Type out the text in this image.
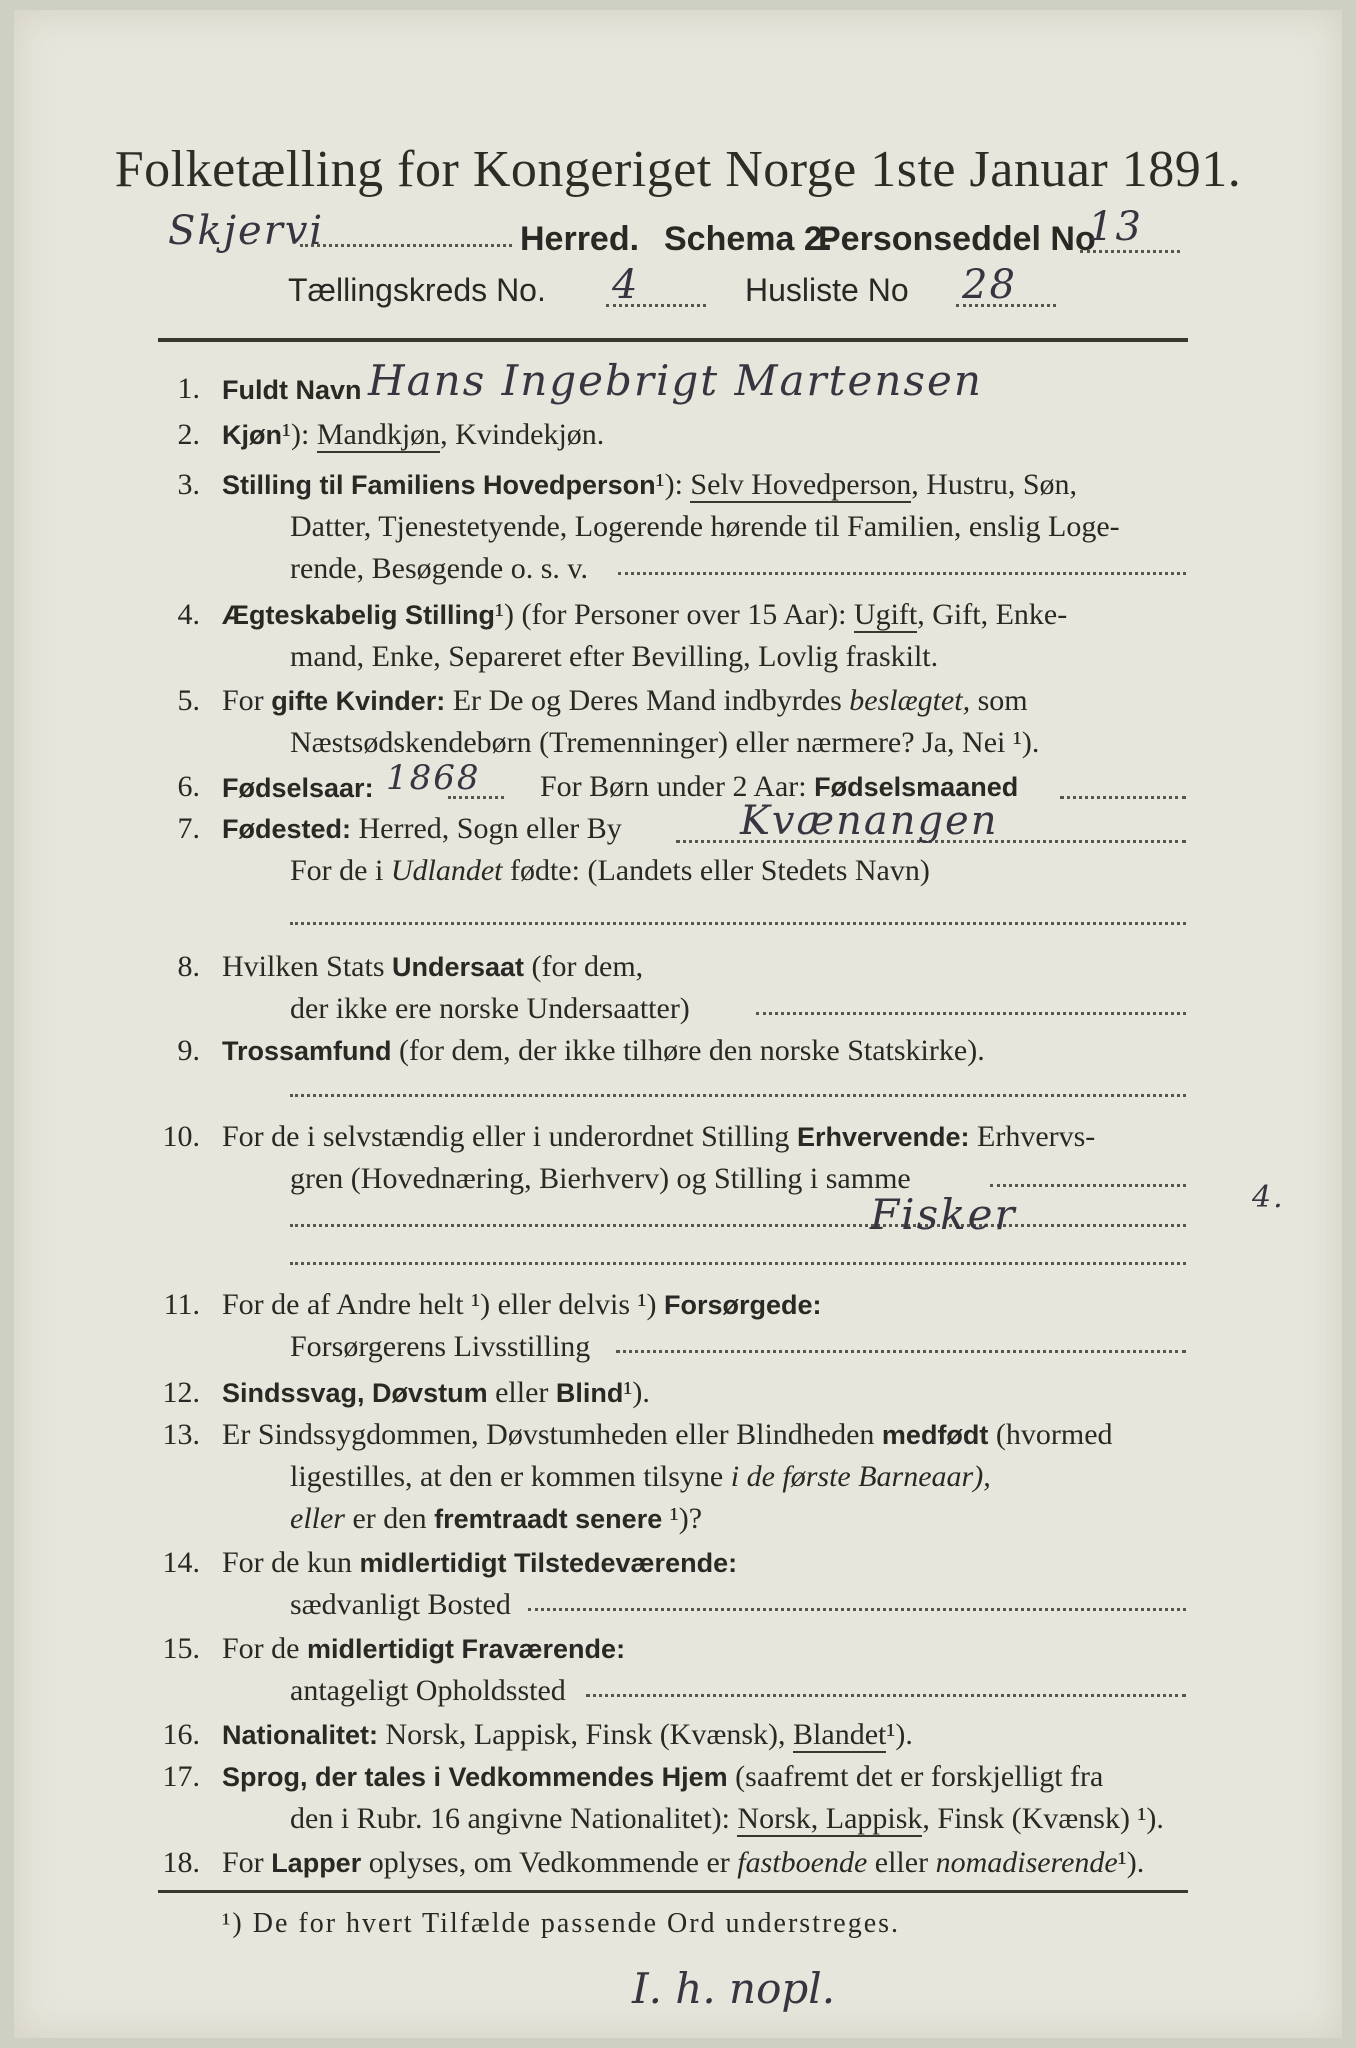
Folketælling for Kongeriget Norge 1ste Januar 1891.
Skjervi	Herred. Schema 2.
Personseddel No
13
Tællingskreds No. 4	Husliste No 28
1. Fuldt Navn Hans Ingebrigt Martensen
2. Kjøn¹): Mandkjøn, Kvindekjøn.
3. Stilling til Familiens Hovedperson¹): Selv Hovedperson, Hustru, Søn,
Datter, Tjenestetyende, Logerende hørende til Familien, enslig Loge-
rende, Besøgende o. s. v.
4. Ægteskabelig Stilling¹) (for Personer over 15 Aar): Ugift, Gift, Enke-
mand, Enke, Separeret efter Bevilling, Lovlig fraskilt.
5. For gifte Kvinder: Er De og Deres Mand indbyrdes beslægtet, som
Næstsødskendebørn (Tremenninger) eller nærmere? Ja, Nei ¹).
6. Fødselsaar: 1868 For Børn under 2 Aar: Fødselsmaaned
7. Fødested: Herred, Sogn eller By	Kvænangen
For de i Udlandet fødte: (Landets eller Stedets Navn)
8. Hvilken Stats Undersaat (for dem,
der ikke ere norske Undersaatter)
9. Trossamfund (for dem, der ikke tilhøre den norske Statskirke).
10. For de i selvstændig eller i underordnet Stilling Erhvervende: Erhvervs-
gren (Hovednæring, Bierhverv) og Stilling i samme
Fisker	4.
11. For de af Andre helt ¹) eller delvis ¹) Forsørgede:
Forsørgerens Livsstilling
12. Sindssvag, Døvstum eller Blind¹).
13. Er Sindssygdommen, Døvstumheden eller Blindheden medfødt (hvormed
ligestilles, at den er kommen tilsyne i de første Barneaar),
eller er den fremtraadt senere ¹)?
14. For de kun midlertidigt Tilstedeværende:
sædvanligt Bosted
15. For de midlertidigt Fraværende:
antageligt Opholdssted
16. Nationalitet: Norsk, Lappisk, Finsk (Kvænsk), Blandet¹).
17. Sprog, der tales i Vedkommendes Hjem (saafremt det er forskjelligt fra
den i Rubr. 16 angivne Nationalitet): Norsk, Lappisk, Finsk (Kvænsk) ¹).
18. For Lapper oplyses, om Vedkommende er fastboende eller nomadiserende¹).
¹) De for hvert Tilfælde passende Ord understreges.
I. h. nopl.
